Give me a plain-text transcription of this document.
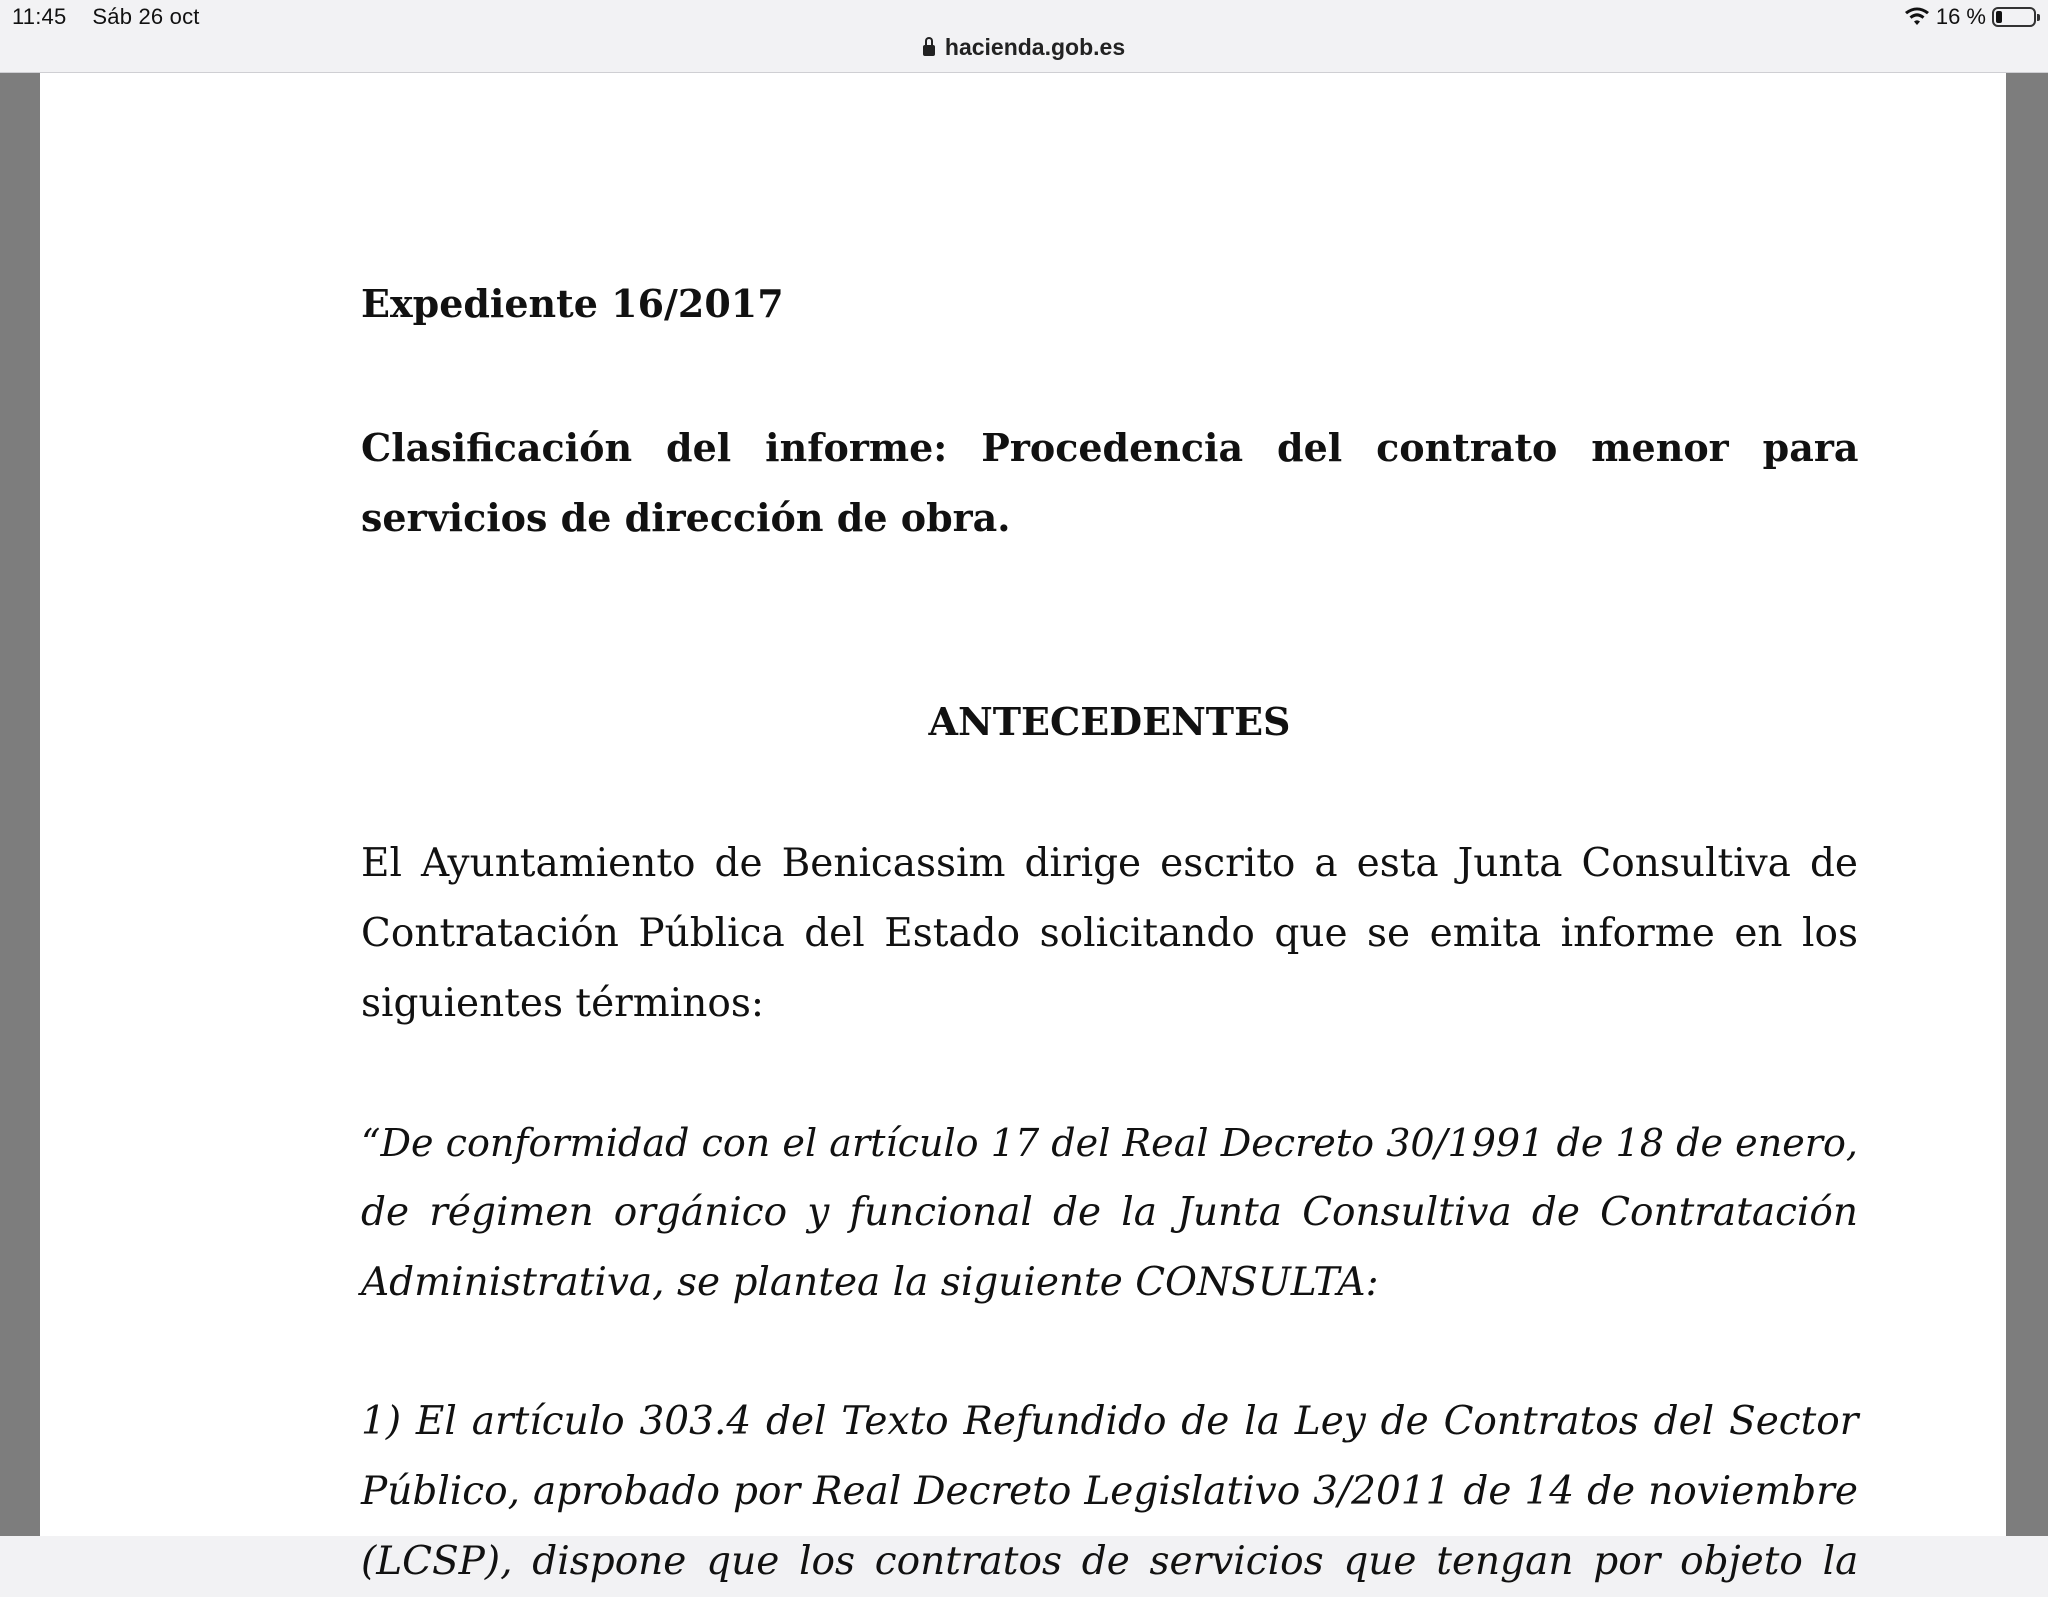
11:45 Sáb 26 oct	16 %
hacienda.gob.es
Expediente 16/2017
Clasificación del informe: Procedencia del contrato menor para
servicios de dirección de obra.
ANTECEDENTES
El Ayuntamiento de Benicassim dirige escrito a esta Junta Consultiva de
Contratación Pública del Estado solicitando que se emita informe en los
siguientes términos:
“De conformidad con el artículo 17 del Real Decreto 30/1991 de 18 de enero,
de régimen orgánico y funcional de la Junta Consultiva de Contratación
Administrativa, se plantea la siguiente CONSULTA:
1) El artículo 303.4 del Texto Refundido de la Ley de Contratos del Sector
Público, aprobado por Real Decreto Legislativo 3/2011 de 14 de noviembre
(LCSP), dispone que los contratos de servicios que tengan por objeto la
